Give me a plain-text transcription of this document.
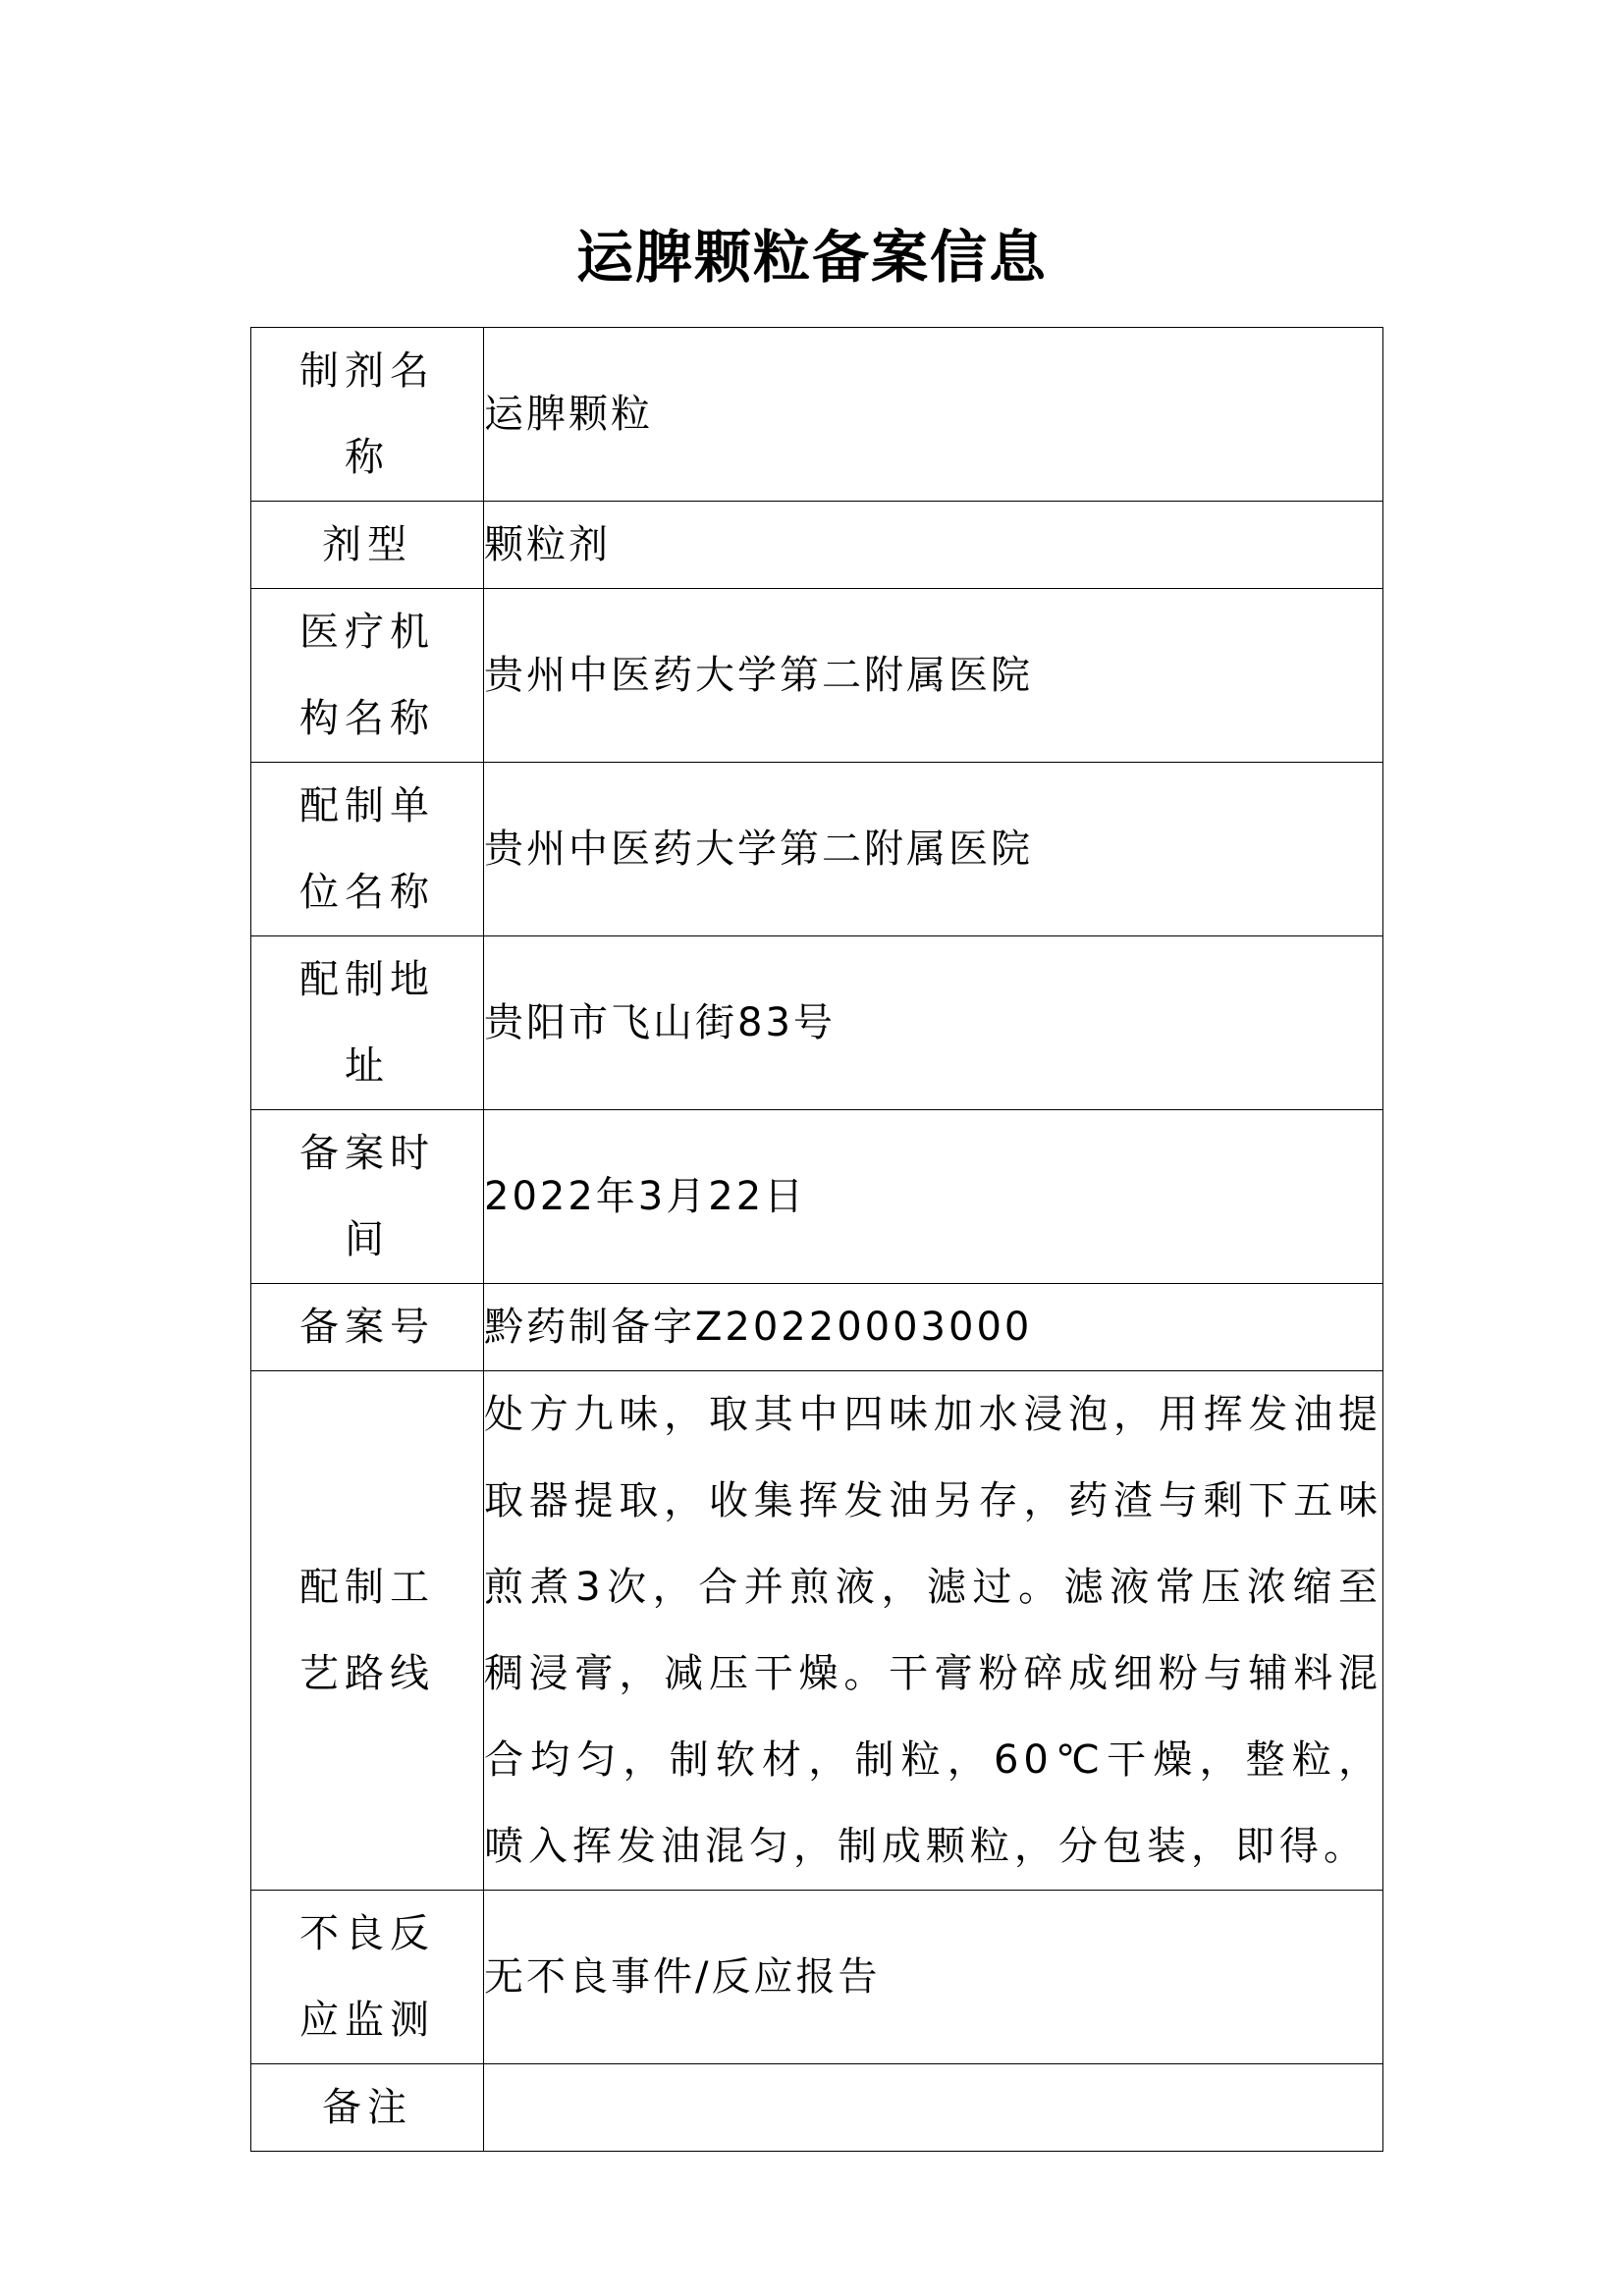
运脾颗粒备案信息
制剂名称	运脾颗粒
剂型	颗粒剂
医疗机构名称	贵州中医药大学第二附属医院
配制单位名称	贵州中医药大学第二附属医院
配制地址	贵阳市飞山街83号
备案时间	2022年3月22日
备案号	黔药制备字Z20220003000
配制工艺路线	处方九味，取其中四味加水浸泡，用挥发油提取器提取，收集挥发油另存，药渣与剩下五味煎煮3次，合并煎液，滤过。滤液常压浓缩至稠浸膏，减压干燥。干膏粉碎成细粉与辅料混合均匀，制软材，制粒，60℃干燥，整粒，喷入挥发油混匀，制成颗粒，分包装，即得。
不良反应监测	无不良事件/反应报告
备注	
